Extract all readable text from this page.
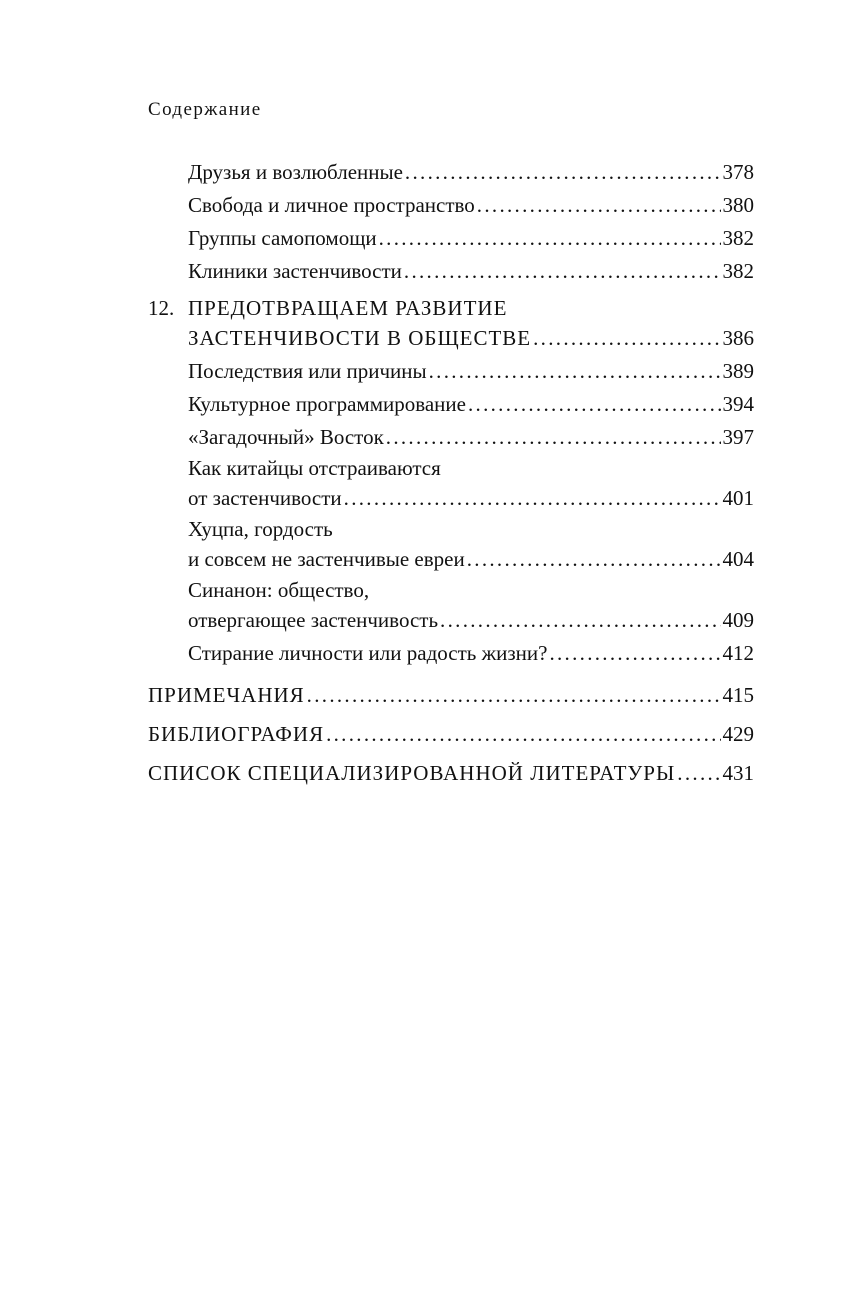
Содержание
Друзья и возлюбленные .....	378
Свобода и личное пространство .....	380
Группы самопомощи .....	382
Клиники застенчивости .....	382
12. ПРЕДОТВРАЩАЕМ РАЗВИТИЕ
ЗАСТЕНЧИВОСТИ В ОБЩЕСТВЕ .....	386
Последствия или причины .....	389
Культурное программирование .....	394
«Загадочный» Восток .....	397
Как китайцы отстраиваются
от застенчивости .....	401
Хуцпа, гордость
и совсем не застенчивые евреи .....	404
Синанон: общество,
отвергающее застенчивость .....	409
Стирание личности или радость жизни? .....	412
ПРИМЕЧАНИЯ .....	415
БИБЛИОГРАФИЯ .....	429
СПИСОК СПЕЦИАЛИЗИРОВАННОЙ ЛИТЕРАТУРЫ ..... 431
